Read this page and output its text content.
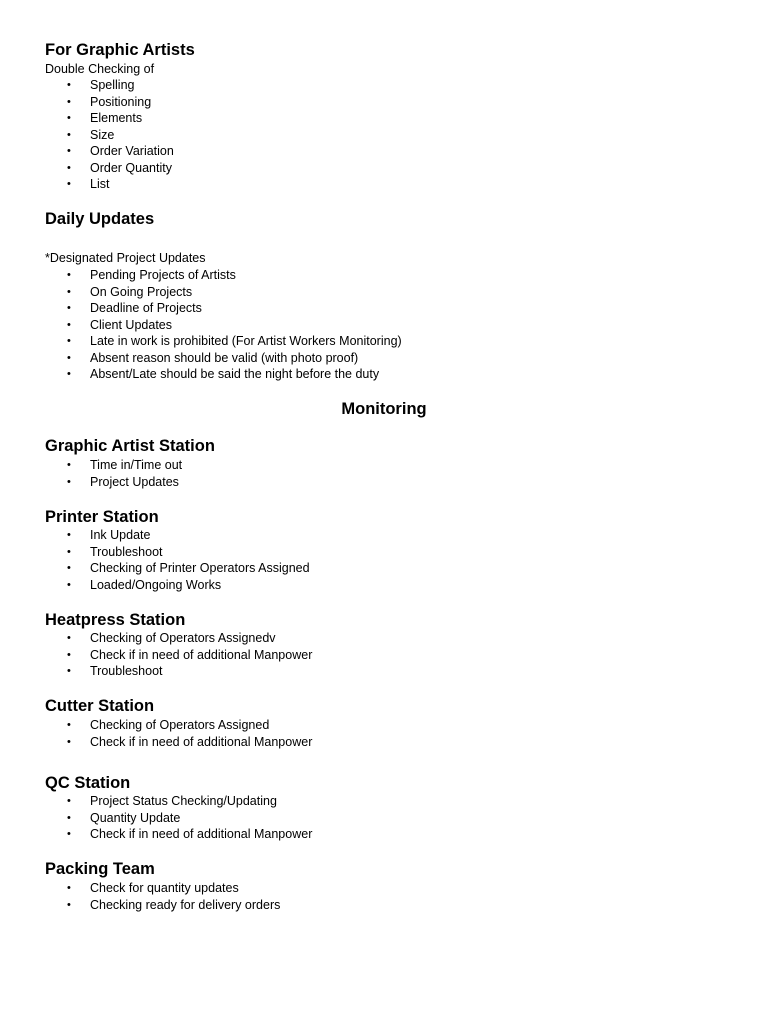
For Graphic Artists
Double Checking of
•	Spelling
•	Positioning
•	Elements
•	Size
•	Order Variation
•	Order Quantity
•	List
Daily Updates
*Designated Project Updates
•	Pending Projects of Artists
•	On Going Projects
•	Deadline of Projects
•	Client Updates
•	Late in work is prohibited (For Artist Workers Monitoring)
•	Absent reason should be valid (with photo proof)
•	Absent/Late should be said the night before the duty
Monitoring
Graphic Artist Station
•	Time in/Time out
•	Project Updates
Printer Station
•	Ink Update
•	Troubleshoot
•	Checking of Printer Operators Assigned
•	Loaded/Ongoing Works
Heatpress Station
•	Checking of Operators Assignedv
•	Check if in need of additional Manpower
•	Troubleshoot
Cutter Station
•	Checking of Operators Assigned
•	Check if in need of additional Manpower
QC Station
•	Project Status Checking/Updating
•	Quantity Update
•	Check if in need of additional Manpower
Packing Team
•	Check for quantity updates
•	Checking ready for delivery orders
